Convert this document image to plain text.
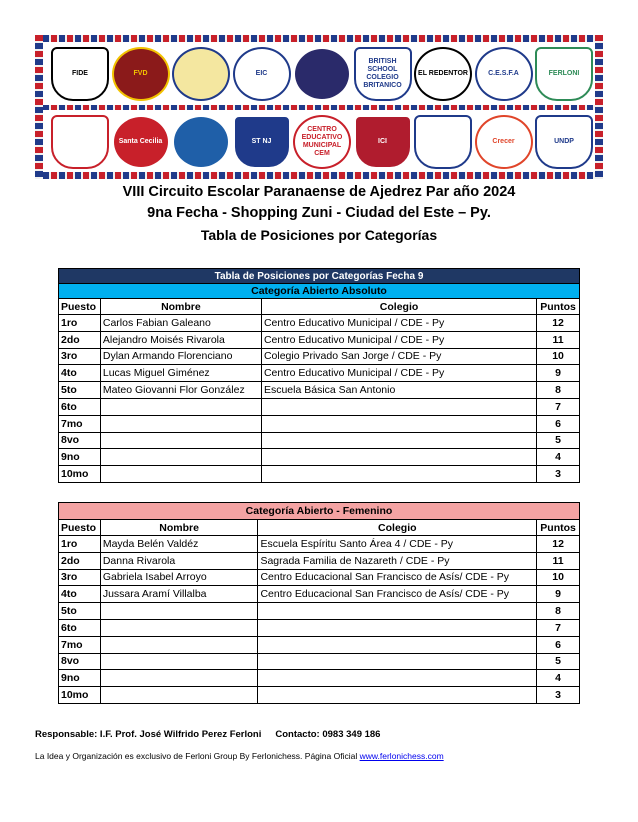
FIDE	FVD	EIC
BRITISH SCHOOL COLEGIO BRITANICO
EL REDENTOR	C.E.S.F.A	FERLONI
Santa Cecilia	ST NJ
CENTRO EDUCATIVO MUNICIPAL CEM
ICI	Crecer	UNDP
VIII Circuito Escolar Paranaense de Ajedrez Par año 2024
9na Fecha - Shopping Zuni - Ciudad del Este – Py.
Tabla de Posiciones por Categorías
Tabla de Posiciones por Categorías Fecha 9			
Categoría Abierto Absoluto			
Puesto	Nombre	Colegio	Puntos
1ro	Carlos Fabian Galeano	Centro Educativo Municipal / CDE - Py	12
2do	Alejandro Moisés Rivarola	Centro Educativo Municipal / CDE - Py	11
3ro	Dylan Armando Florenciano	Colegio Privado San Jorge / CDE - Py	10
4to	Lucas Miguel Giménez	Centro Educativo Municipal / CDE - Py	9
5to	Mateo Giovanni Flor González	Escuela Básica San Antonio	8
6to			7
7mo			6
8vo			5
9no			4
10mo			3
Categoría Abierto - Femenino			
Puesto	Nombre	Colegio	Puntos
1ro	Mayda Belén Valdéz	Escuela Espíritu Santo Área 4 / CDE - Py	12
2do	Danna Rivarola	Sagrada Familia de Nazareth / CDE - Py	11
3ro	Gabriela Isabel Arroyo	Centro Educacional San Francisco de Asís/ CDE - Py	10
4to	Jussara Aramí Villalba	Centro Educacional San Francisco de Asís/ CDE - Py	9
5to			8
6to			7
7mo			6
8vo			5
9no			4
10mo			3
Responsable: I.F. Prof. José Wilfrido Perez Ferloni Contacto: 0983 349 186
La Idea y Organización es exclusivo de Ferloni Group By Ferlonichess. Página Oficial www.ferlonichess.com
